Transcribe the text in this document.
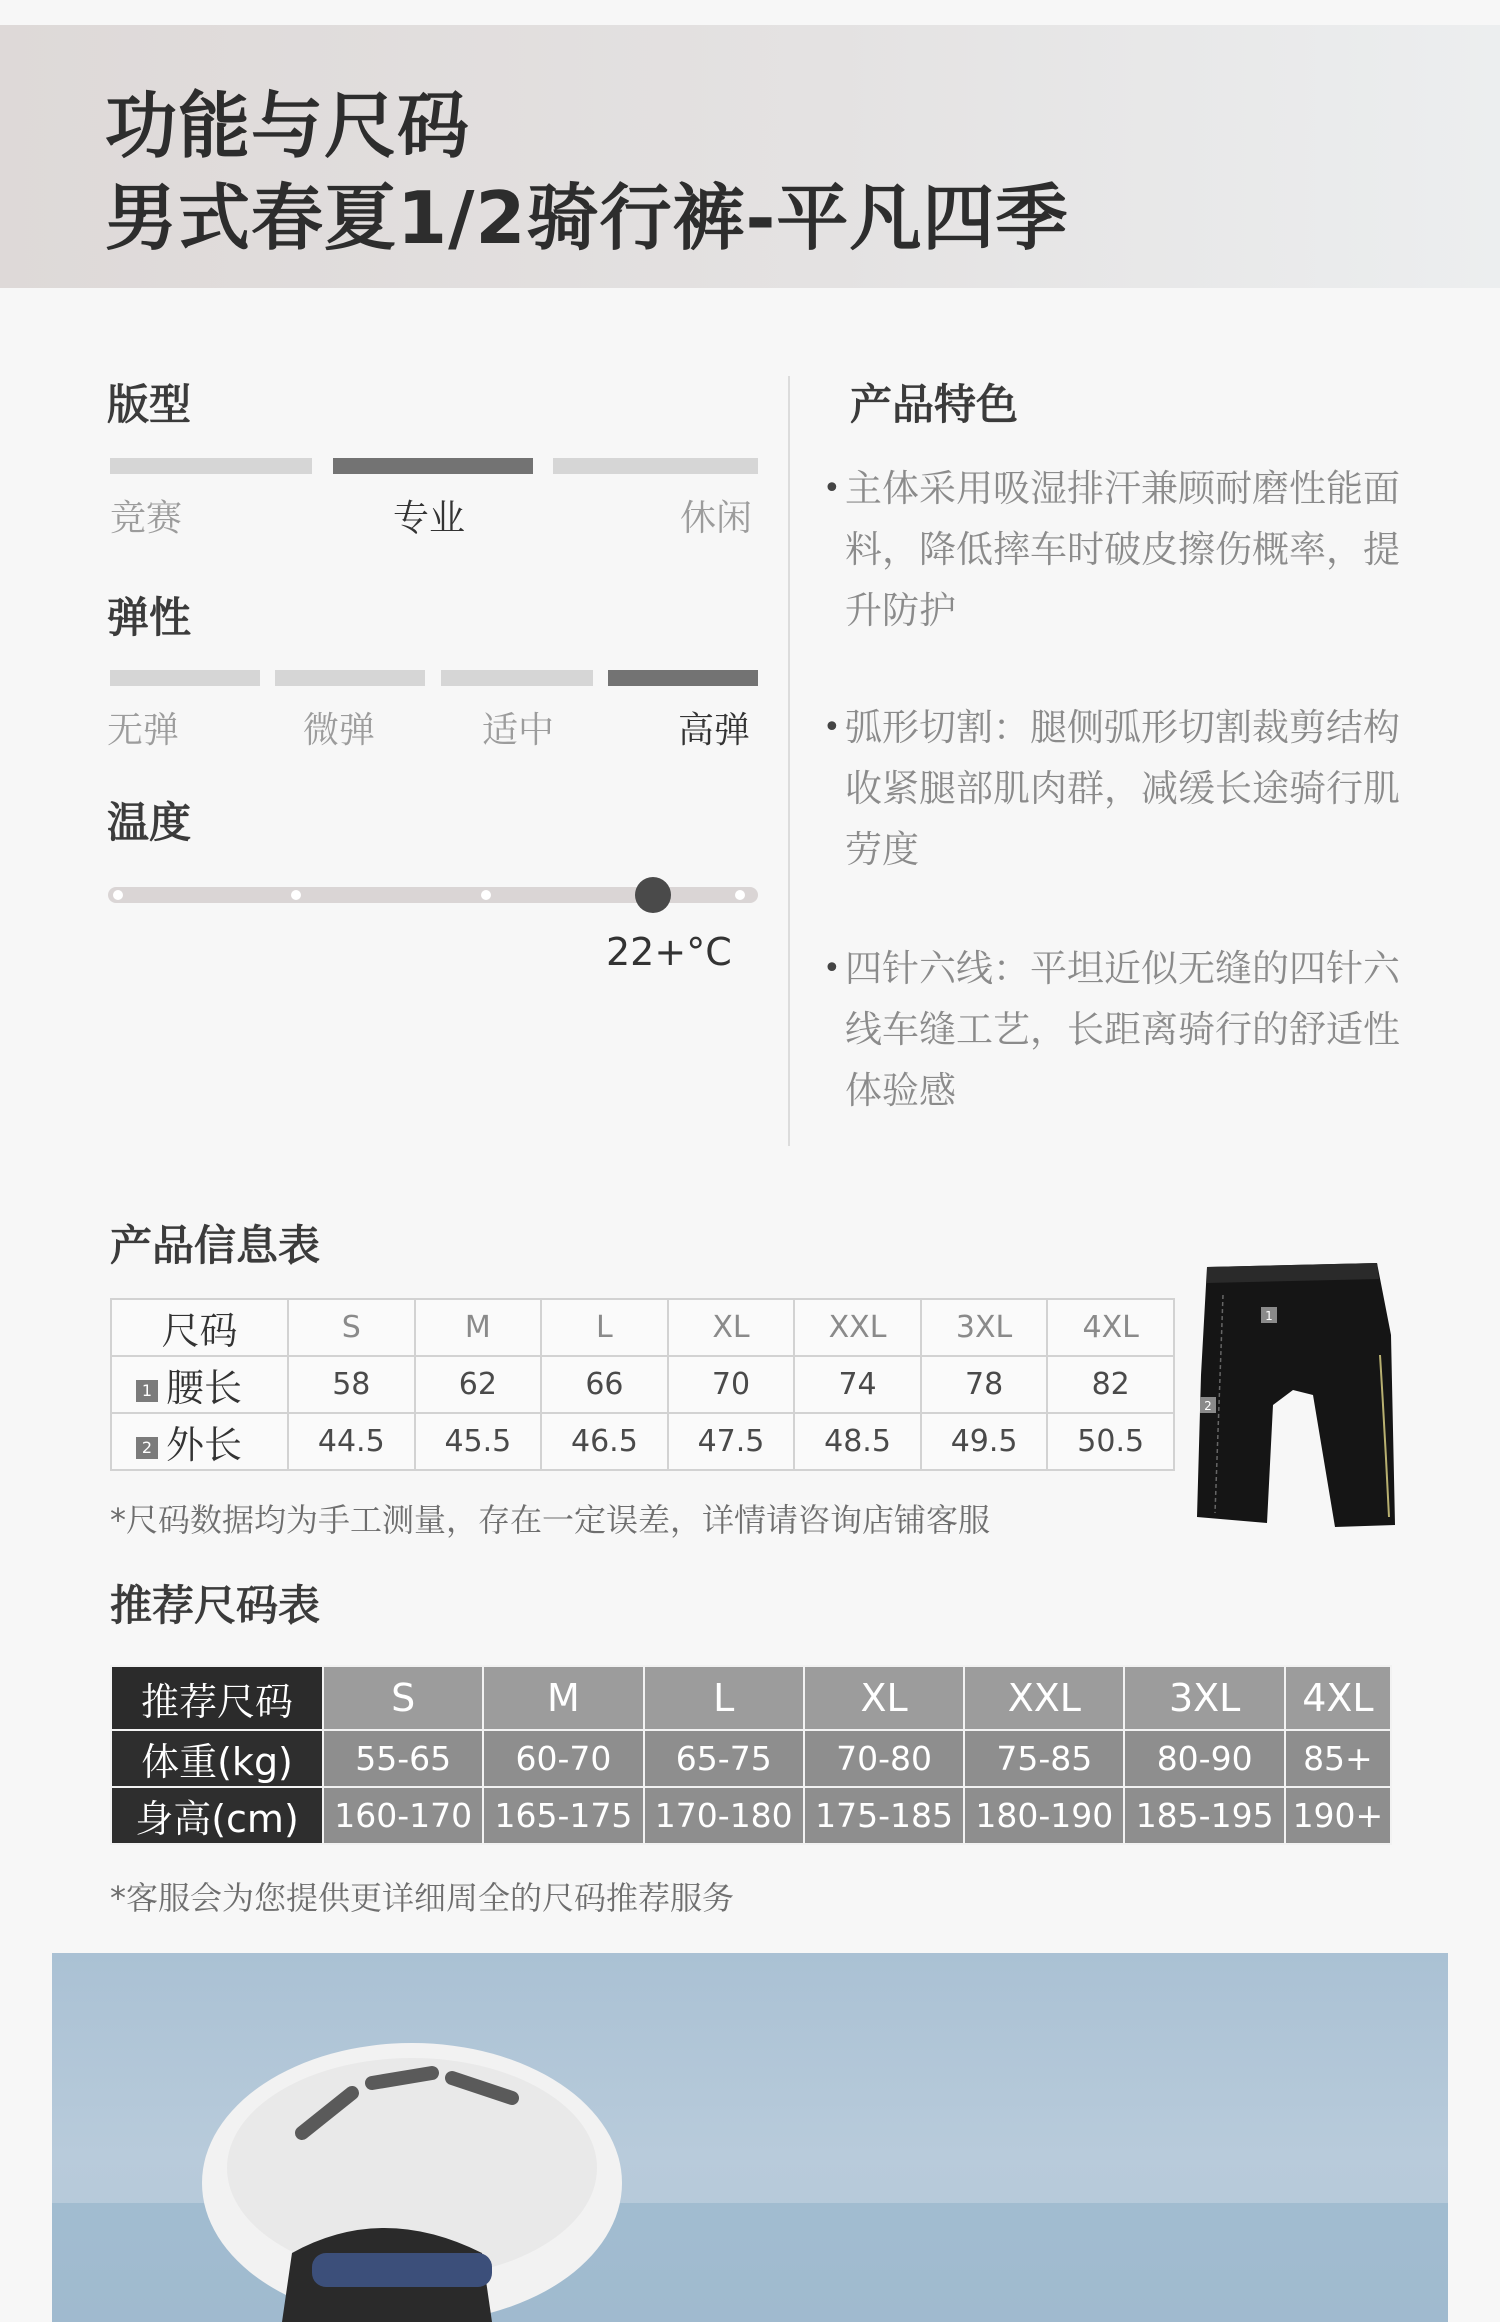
功能与尺码
男式春夏1/2骑行裤-平凡四季
版型
竞赛	专业	休闲
弹性
无弹	微弹	适中	高弹
温度
22+°C
产品特色
• 主体采用吸湿排汗兼顾耐磨性能面料，降低摔车时破皮擦伤概率，提升防护
• 弧形切割：腿侧弧形切割裁剪结构收紧腿部肌肉群，减缓长途骑行肌劳度
• 四针六线：平坦近似无缝的四针六线车缝工艺，长距离骑行的舒适性体验感
产品信息表
尺码	S	M	L	XL	XXL	3XL	4XL
1 腰长	58	62	66	70	74	78	82
2 外长	44.5	45.5	46.5	47.5	48.5	49.5	50.5
*尺码数据均为手工测量，存在一定误差，详情请咨询店铺客服
1
2
推荐尺码表
推荐尺码	S	M	L	XL	XXL	3XL	4XL
体重(kg)	55-65	60-70	65-75	70-80	75-85	80-90	85+
身高(cm)	160-170	165-175	170-180	175-185	180-190	185-195	190+
*客服会为您提供更详细周全的尺码推荐服务
